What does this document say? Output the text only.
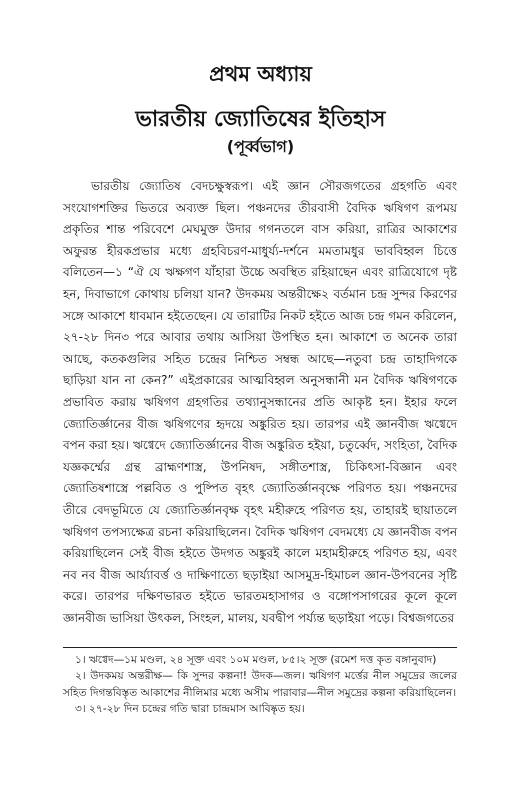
প্রথম অধ্যায়
ভারতীয় জ্যোতিষের ইতিহাস
(পূর্ব্বভাগ)

ভারতীয় জ্যোতিষ বেদচক্ষুস্বরূপ। এই জ্ঞান সৌরজগতের গ্রহগতি এবং সংযোগশক্তির ভিতরে অব্যক্ত ছিল। পঞ্চনদের তীরবাসী বৈদিক ঋষিগণ রূপময় প্রকৃতির শান্ত পরিবেশে মেঘমুক্ত উদার গগনতলে বাস করিয়া, রাত্রির আকাশের অফুরন্ত হীরকপ্রভার মধ্যে গ্রহবিচরণ-মাধুর্য্য-দর্শনে মমতামধুর ভাববিহ্বল চিত্তে বলিতেন—১ “ঐ যে ঋক্ষগণ যাঁহারা উচ্চে অবস্থিত রহিয়াছেন এবং রাত্রিযোগে দৃষ্ট হন, দিবাভাগে কোথায় চলিয়া যান? উদকময় অন্তরীক্ষে২ বর্তমান চন্দ্র সুন্দর কিরণের সঙ্গে আকাশে ধাবমান হইতেছেন। যে তারাটির নিকট হইতে আজ চন্দ্র গমন করিলেন, ২৭-২৮ দিন৩ পরে আবার তথায় আসিয়া উপস্থিত হন। আকাশে ত অনেক তারা আছে, কতকগুলির সহিত চন্দ্রের নিশ্চিত সম্বন্ধ আছে—নতুবা চন্দ্র তাহাদিগকে ছাড়িয়া যান না কেন?” এইপ্রকারের আত্মবিহ্বল অনুসন্ধানী মন বৈদিক ঋষিগণকে প্রভাবিত করায় ঋষিগণ গ্রহগতির তথ্যানুসন্ধানের প্রতি আকৃষ্ট হন। ইহার ফলে জ্যোতির্জ্ঞানের বীজ ঋষিগণের হৃদয়ে অঙ্কুরিত হয়। তারপর এই জ্ঞানবীজ ঋগ্বেদে বপন করা হয়। ঋগ্বেদে জ্যোতির্জ্ঞানের বীজ অঙ্কুরিত হইয়া, চতুর্ব্বেদ, সংহিতা, বৈদিক যজ্ঞকর্ম্মের গ্রন্থ ব্রাহ্মণশাস্ত্র, উপনিষদ, সঙ্গীতশাস্ত্র, চিকিৎসা-বিজ্ঞান এবং জ্যোতিষশাস্ত্রে পল্লবিত ও পুষ্পিত বৃহৎ জ্যোতির্জ্ঞানবৃক্ষে পরিণত হয়। পঞ্চনদের তীরে বেদভূমিতে যে জ্যোতির্জ্ঞানবৃক্ষ বৃহৎ মহীরুহে পরিণত হয়, তাহারই ছায়াতলে ঋষিগণ তপস্যক্ষেত্র রচনা করিয়াছিলেন। বৈদিক ঋষিগণ বেদমধ্যে যে জ্ঞানবীজ বপন করিয়াছিলেন সেই বীজ হইতে উদগত অঙ্কুরই কালে মহামহীরুহে পরিণত হয়, এবং নব নব বীজ আর্য্যাবর্ত্ত ও দাক্ষিণাত্যে ছড়াইয়া আসমুদ্র-হিমাচল জ্ঞান-উপবনের সৃষ্টি করে। তারপর দক্ষিণভারত হইতে ভারতমহাসাগর ও বঙ্গোপসাগরের কূলে কূলে জ্ঞানবীজ ভাসিয়া উৎকল, সিংহল, মালয়, যবদ্বীপ পর্য্যন্ত ছড়াইয়া পড়ে। বিশ্বজগতের

১। ঋগ্বেদ—১ম মণ্ডল, ২৪ সূক্ত এবং ১০ম মণ্ডল, ৮৫।২ সূক্ত (রমেশ দত্ত কৃত বঙ্গানুবাদ)
২। উদকময় অন্তরীক্ষ— কি সুন্দর কল্পনা! উদক—জল। ঋষিগণ মর্ত্তের নীল সমুদ্রের জলের সহিত দিগন্তবিস্তৃত আকাশের নীলিমার মধ্যে অসীম পারাবার—নীল সমুদ্রের কল্পনা করিয়াছিলেন।
৩। ২৭-২৮ দিন চন্দ্রের গতি দ্বারা চান্দ্রমাস আবিষ্কৃত হয়।
